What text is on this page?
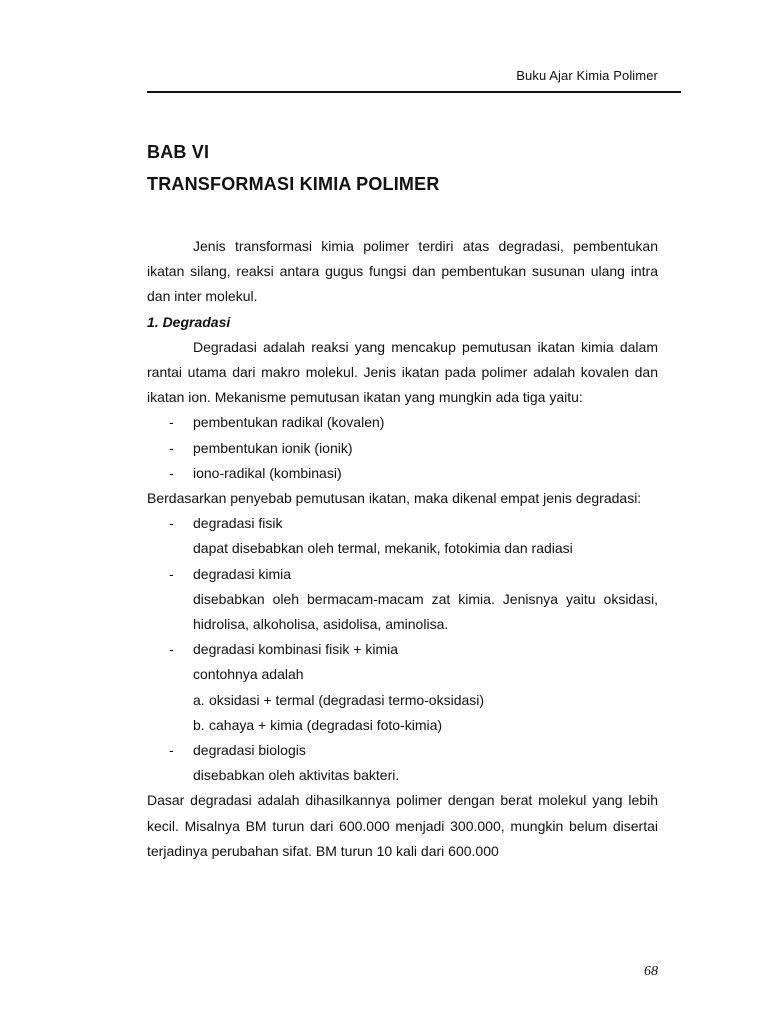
Buku Ajar Kimia Polimer
BAB VI
TRANSFORMASI KIMIA POLIMER

Jenis transformasi kimia polimer terdiri atas degradasi, pembentukan ikatan silang, reaksi antara gugus fungsi dan pembentukan susunan ulang intra dan inter molekul.

1. Degradasi

Degradasi adalah reaksi yang mencakup pemutusan ikatan kimia dalam rantai utama dari makro molekul. Jenis ikatan pada polimer adalah kovalen dan ikatan ion. Mekanisme pemutusan ikatan yang mungkin ada tiga yaitu:

- pembentukan radikal (kovalen)
- pembentukan ionik (ionik)
- iono-radikal (kombinasi)

Berdasarkan penyebab pemutusan ikatan, maka dikenal empat jenis degradasi:

- degradasi fisik
dapat disebabkan oleh termal, mekanik, fotokimia dan radiasi
- degradasi kimia
disebabkan oleh bermacam-macam zat kimia. Jenisnya yaitu oksidasi, hidrolisa, alkoholisa, asidolisa, aminolisa.
- degradasi kombinasi fisik + kimia
contohnya adalah
a. oksidasi + termal (degradasi termo-oksidasi)
b. cahaya + kimia (degradasi foto-kimia)
- degradasi biologis
disebabkan oleh aktivitas bakteri.

Dasar degradasi adalah dihasilkannya polimer dengan berat molekul yang lebih kecil. Misalnya BM turun dari 600.000 menjadi 300.000, mungkin belum disertai terjadinya perubahan sifat. BM turun 10 kali dari 600.000

68
